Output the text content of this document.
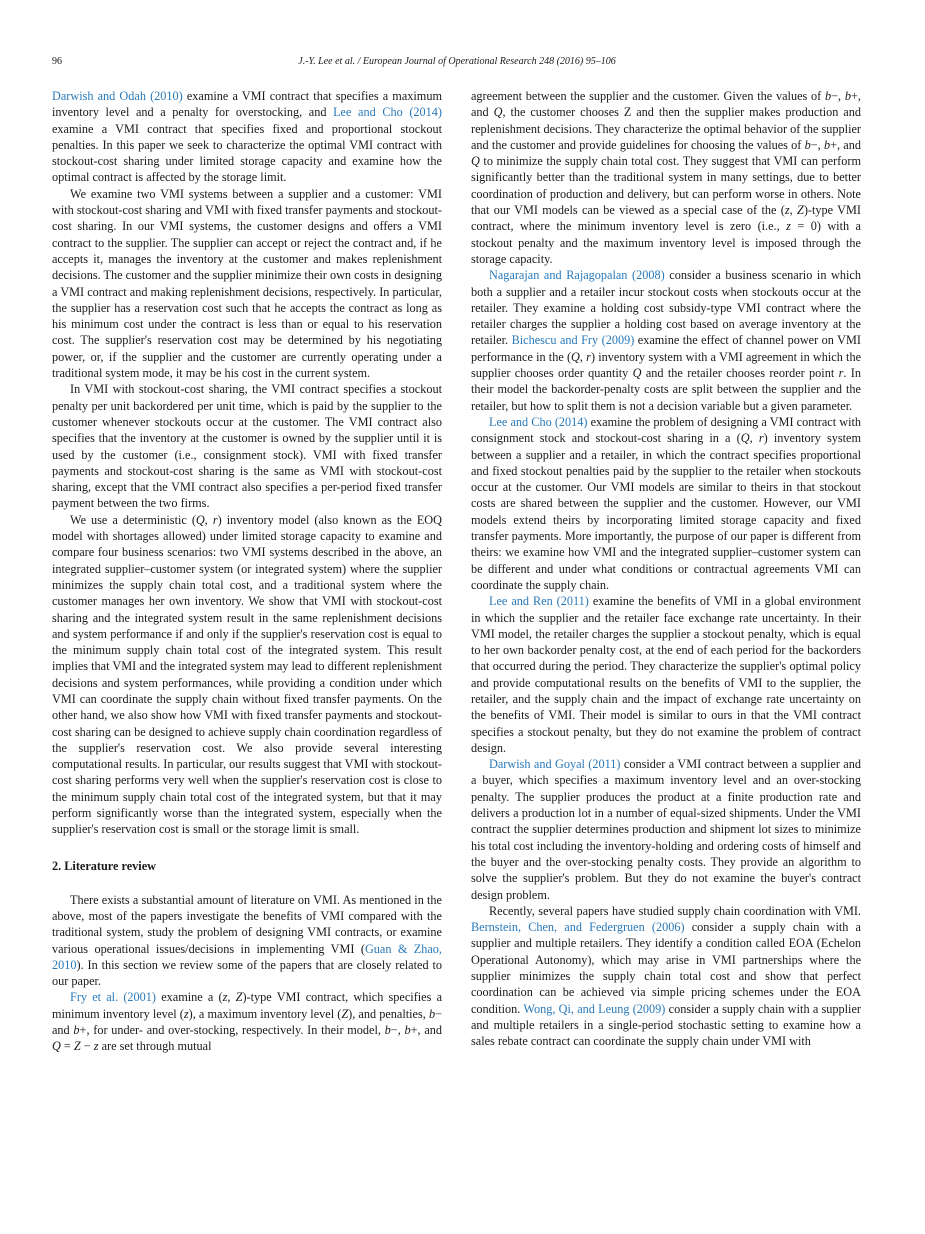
96	J.-Y. Lee et al. / European Journal of Operational Research 248 (2016) 95–106

Darwish and Odah (2010) examine a VMI contract that specifies a maximum inventory level and a penalty for overstocking, and Lee and Cho (2014) examine a VMI contract that specifies fixed and proportional stockout penalties. In this paper we seek to characterize the optimal VMI contract with stockout-cost sharing under limited storage capacity and examine how the optimal contract is affected by the storage limit.

We examine two VMI systems between a supplier and a customer: VMI with stockout-cost sharing and VMI with fixed transfer payments and stockout-cost sharing. In our VMI systems, the customer designs and offers a VMI contract to the supplier. The supplier can accept or reject the contract and, if he accepts it, manages the inventory at the customer and makes replenishment decisions. The customer and the supplier minimize their own costs in designing a VMI contract and making replenishment decisions, respectively. In particular, the supplier has a reservation cost such that he accepts the contract as long as his minimum cost under the contract is less than or equal to his reservation cost. The supplier's reservation cost may be determined by his negotiating power, or, if the supplier and the customer are currently operating under a traditional system mode, it may be his cost in the current system.

In VMI with stockout-cost sharing, the VMI contract specifies a stockout penalty per unit backordered per unit time, which is paid by the supplier to the customer whenever stockouts occur at the customer. The VMI contract also specifies that the inventory at the customer is owned by the supplier until it is used by the customer (i.e., consignment stock). VMI with fixed transfer payments and stockout-cost sharing is the same as VMI with stockout-cost sharing, except that the VMI contract also specifies a per-period fixed transfer payment between the two firms.

We use a deterministic (Q, r) inventory model (also known as the EOQ model with shortages allowed) under limited storage capacity to examine and compare four business scenarios: two VMI systems described in the above, an integrated supplier–customer system (or integrated system) where the supplier minimizes the supply chain total cost, and a traditional system where the customer manages her own inventory. We show that VMI with stockout-cost sharing and the integrated system result in the same replenishment decisions and system performance if and only if the supplier's reservation cost is equal to the minimum supply chain total cost of the integrated system. This result implies that VMI and the integrated system may lead to different replenishment decisions and system performances, while providing a condition under which VMI can coordinate the supply chain without fixed transfer payments. On the other hand, we also show how VMI with fixed transfer payments and stockout-cost sharing can be designed to achieve supply chain coordination regardless of the supplier's reservation cost. We also provide several interesting computational results. In particular, our results suggest that VMI with stockout-cost sharing performs very well when the supplier's reservation cost is close to the minimum supply chain total cost of the integrated system, but that it may perform significantly worse than the integrated system, especially when the supplier's reservation cost is small or the storage limit is small.

2. Literature review

There exists a substantial amount of literature on VMI. As mentioned in the above, most of the papers investigate the benefits of VMI compared with the traditional system, study the problem of designing VMI contracts, or examine various operational issues/decisions in implementing VMI (Guan & Zhao, 2010). In this section we review some of the papers that are closely related to our paper.

Fry et al. (2001) examine a (z, Z)-type VMI contract, which specifies a minimum inventory level (z), a maximum inventory level (Z), and penalties, b− and b+, for under- and over-stocking, respectively. In their model, b−, b+, and Q = Z − z are set through mutual

agreement between the supplier and the customer. Given the values of b−, b+, and Q, the customer chooses Z and then the supplier makes production and replenishment decisions. They characterize the optimal behavior of the supplier and the customer and provide guidelines for choosing the values of b−, b+, and Q to minimize the supply chain total cost. They suggest that VMI can perform significantly better than the traditional system in many settings, due to better coordination of production and delivery, but can perform worse in others. Note that our VMI models can be viewed as a special case of the (z, Z)-type VMI contract, where the minimum inventory level is zero (i.e., z = 0) with a stockout penalty and the maximum inventory level is imposed through the storage capacity.

Nagarajan and Rajagopalan (2008) consider a business scenario in which both a supplier and a retailer incur stockout costs when stockouts occur at the retailer. They examine a holding cost subsidy-type VMI contract where the retailer charges the supplier a holding cost based on average inventory at the retailer. Bichescu and Fry (2009) examine the effect of channel power on VMI performance in the (Q, r) inventory system with a VMI agreement in which the supplier chooses order quantity Q and the retailer chooses reorder point r. In their model the backorder-penalty costs are split between the supplier and the retailer, but how to split them is not a decision variable but a given parameter.

Lee and Cho (2014) examine the problem of designing a VMI contract with consignment stock and stockout-cost sharing in a (Q, r) inventory system between a supplier and a retailer, in which the contract specifies proportional and fixed stockout penalties paid by the supplier to the retailer when stockouts occur at the customer. Our VMI models are similar to theirs in that stockout costs are shared between the supplier and the customer. However, our VMI models extend theirs by incorporating limited storage capacity and fixed transfer payments. More importantly, the purpose of our paper is different from theirs: we examine how VMI and the integrated supplier–customer system can be different and under what conditions or contractual agreements VMI can coordinate the supply chain.

Lee and Ren (2011) examine the benefits of VMI in a global environment in which the supplier and the retailer face exchange rate uncertainty. In their VMI model, the retailer charges the supplier a stockout penalty, which is equal to her own backorder penalty cost, at the end of each period for the backorders that occurred during the period. They characterize the supplier's optimal policy and provide computational results on the benefits of VMI to the supplier, the retailer, and the supply chain and the impact of exchange rate uncertainty on the benefits of VMI. Their model is similar to ours in that the VMI contract specifies a stockout penalty, but they do not examine the problem of contract design.

Darwish and Goyal (2011) consider a VMI contract between a supplier and a buyer, which specifies a maximum inventory level and an over-stocking penalty. The supplier produces the product at a finite production rate and delivers a production lot in a number of equal-sized shipments. Under the VMI contract the supplier determines production and shipment lot sizes to minimize his total cost including the inventory-holding and ordering costs of himself and the buyer and the over-stocking penalty costs. They provide an algorithm to solve the supplier's problem. But they do not examine the buyer's contract design problem.

Recently, several papers have studied supply chain coordination with VMI. Bernstein, Chen, and Federgruen (2006) consider a supply chain with a supplier and multiple retailers. They identify a condition called EOA (Echelon Operational Autonomy), which may arise in VMI partnerships where the supplier minimizes the supply chain total cost and show that perfect coordination can be achieved via simple pricing schemes under the EOA condition. Wong, Qi, and Leung (2009) consider a supply chain with a supplier and multiple retailers in a single-period stochastic setting to examine how a sales rebate contract can coordinate the supply chain under VMI with
